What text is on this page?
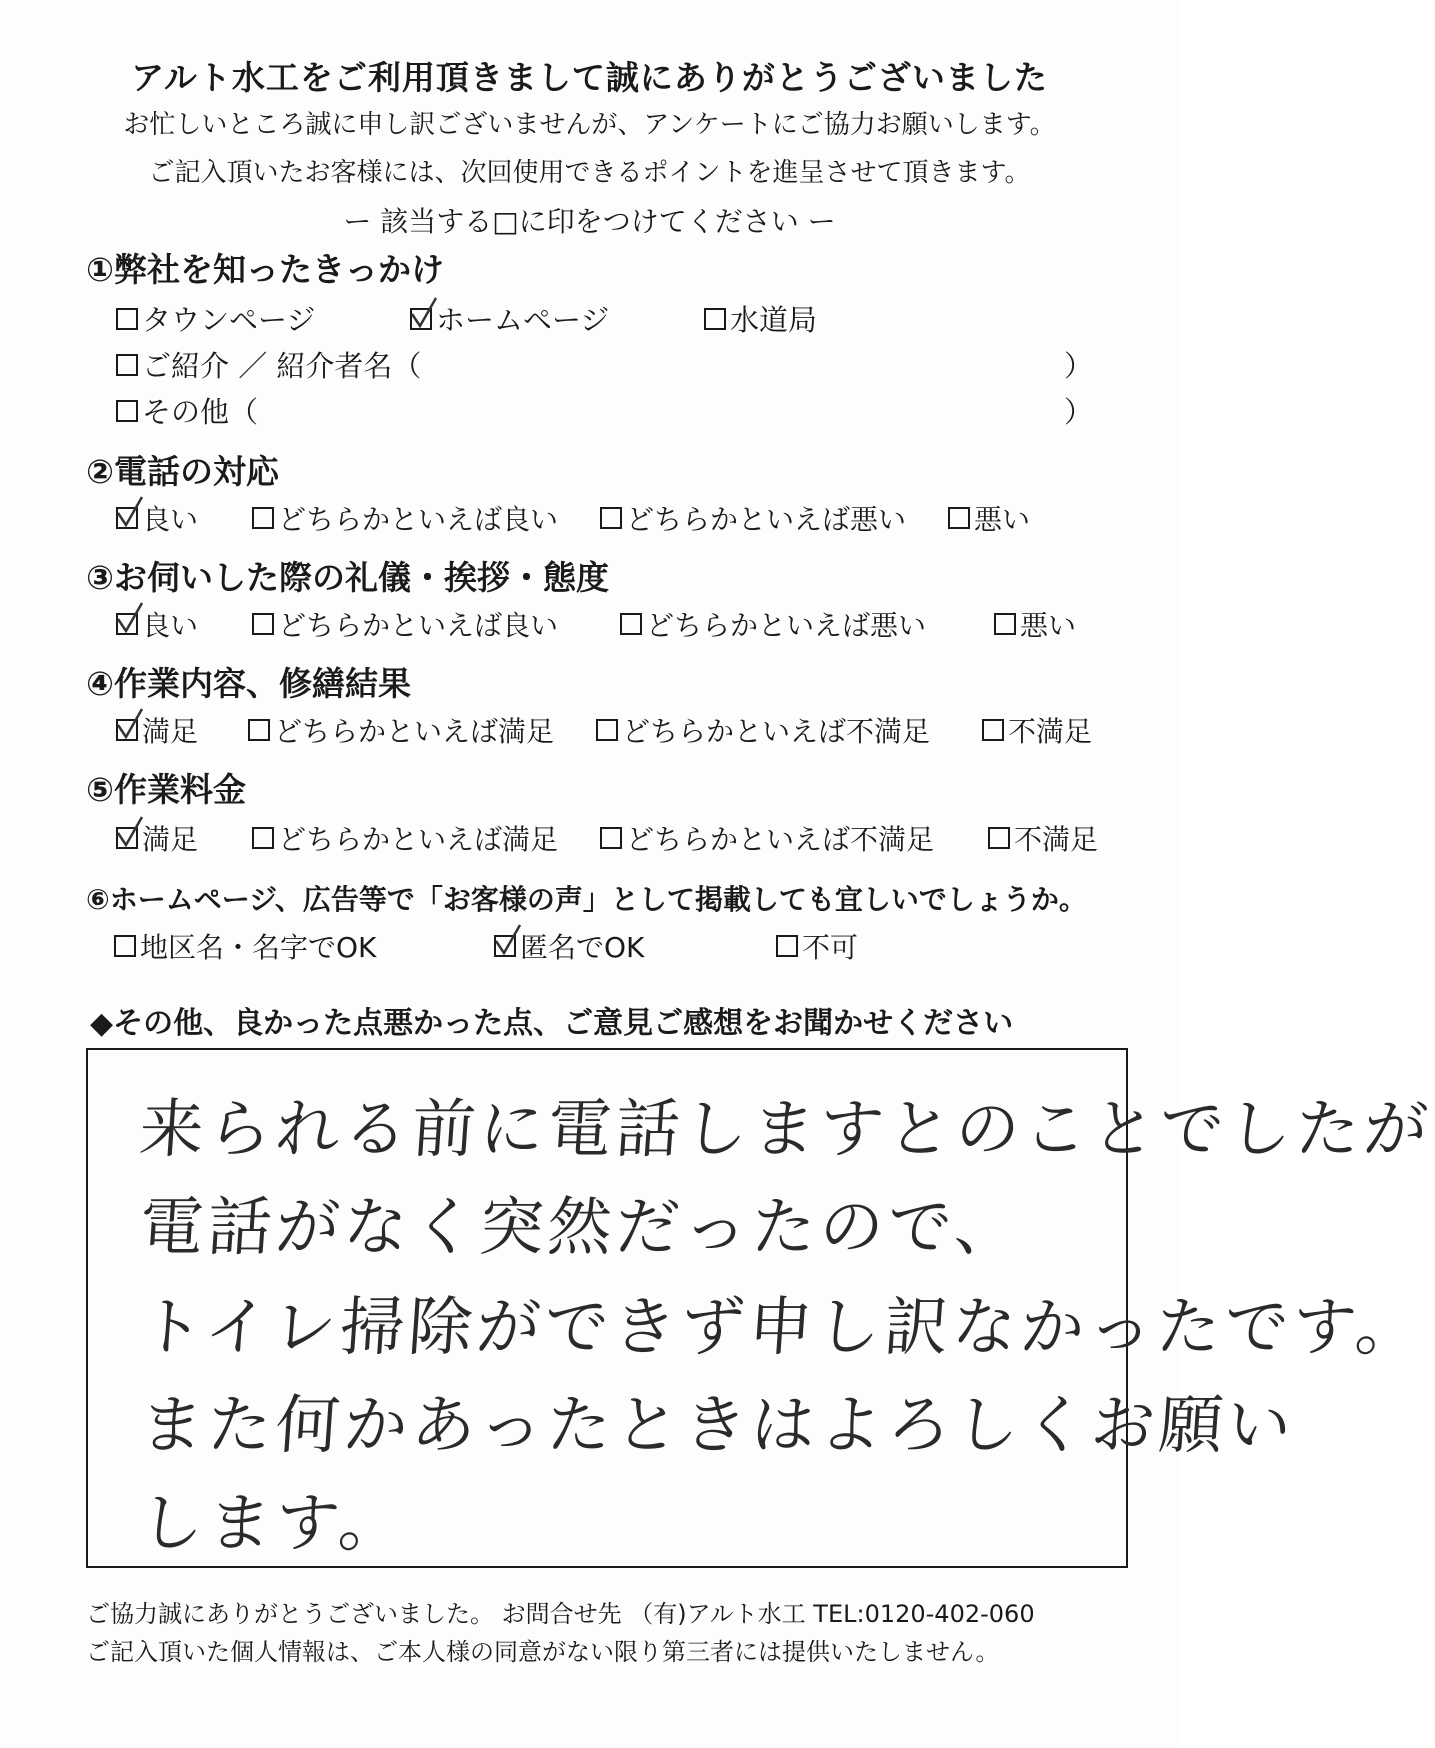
アルト水工をご利用頂きまして誠にありがとうございました
お忙しいところ誠に申し訳ございませんが、アンケートにご協力お願いします。
ご記入頂いたお客様には、次回使用できるポイントを進呈させて頂きます。
ー 該当する□に印をつけてください ー
①弊社を知ったきっかけ
タウンページ	ホームページ	水道局
ご紹介 ／ 紹介者名（	）
その他（	）
②電話の対応
良い	どちらかといえば良い どちらかといえば悪い 悪い
③お伺いした際の礼儀・挨拶・態度
良い	どちらかといえば良い	どちらかといえば悪い	悪い
④作業内容、修繕結果
満足	どちらかといえば満足 どちらかといえば不満足	不満足
⑤作業料金
満足	どちらかといえば満足 どちらかといえば不満足	不満足
⑥ホームページ、広告等で「お客様の声」として掲載しても宜しいでしょうか。
地区名・名字でOK	匿名でOK	不可
◆その他、良かった点悪かった点、ご意見ご感想をお聞かせください
来られる前に電話しますとのことでしたが
電話がなく突然だったので、
トイレ掃除ができず申し訳なかったです。
また何かあったときはよろしくお願い
します。
ご協力誠にありがとうございました。 お問合せ先 （有)アルト水工 TEL:0120-402-060
ご記入頂いた個人情報は、ご本人様の同意がない限り第三者には提供いたしません。
